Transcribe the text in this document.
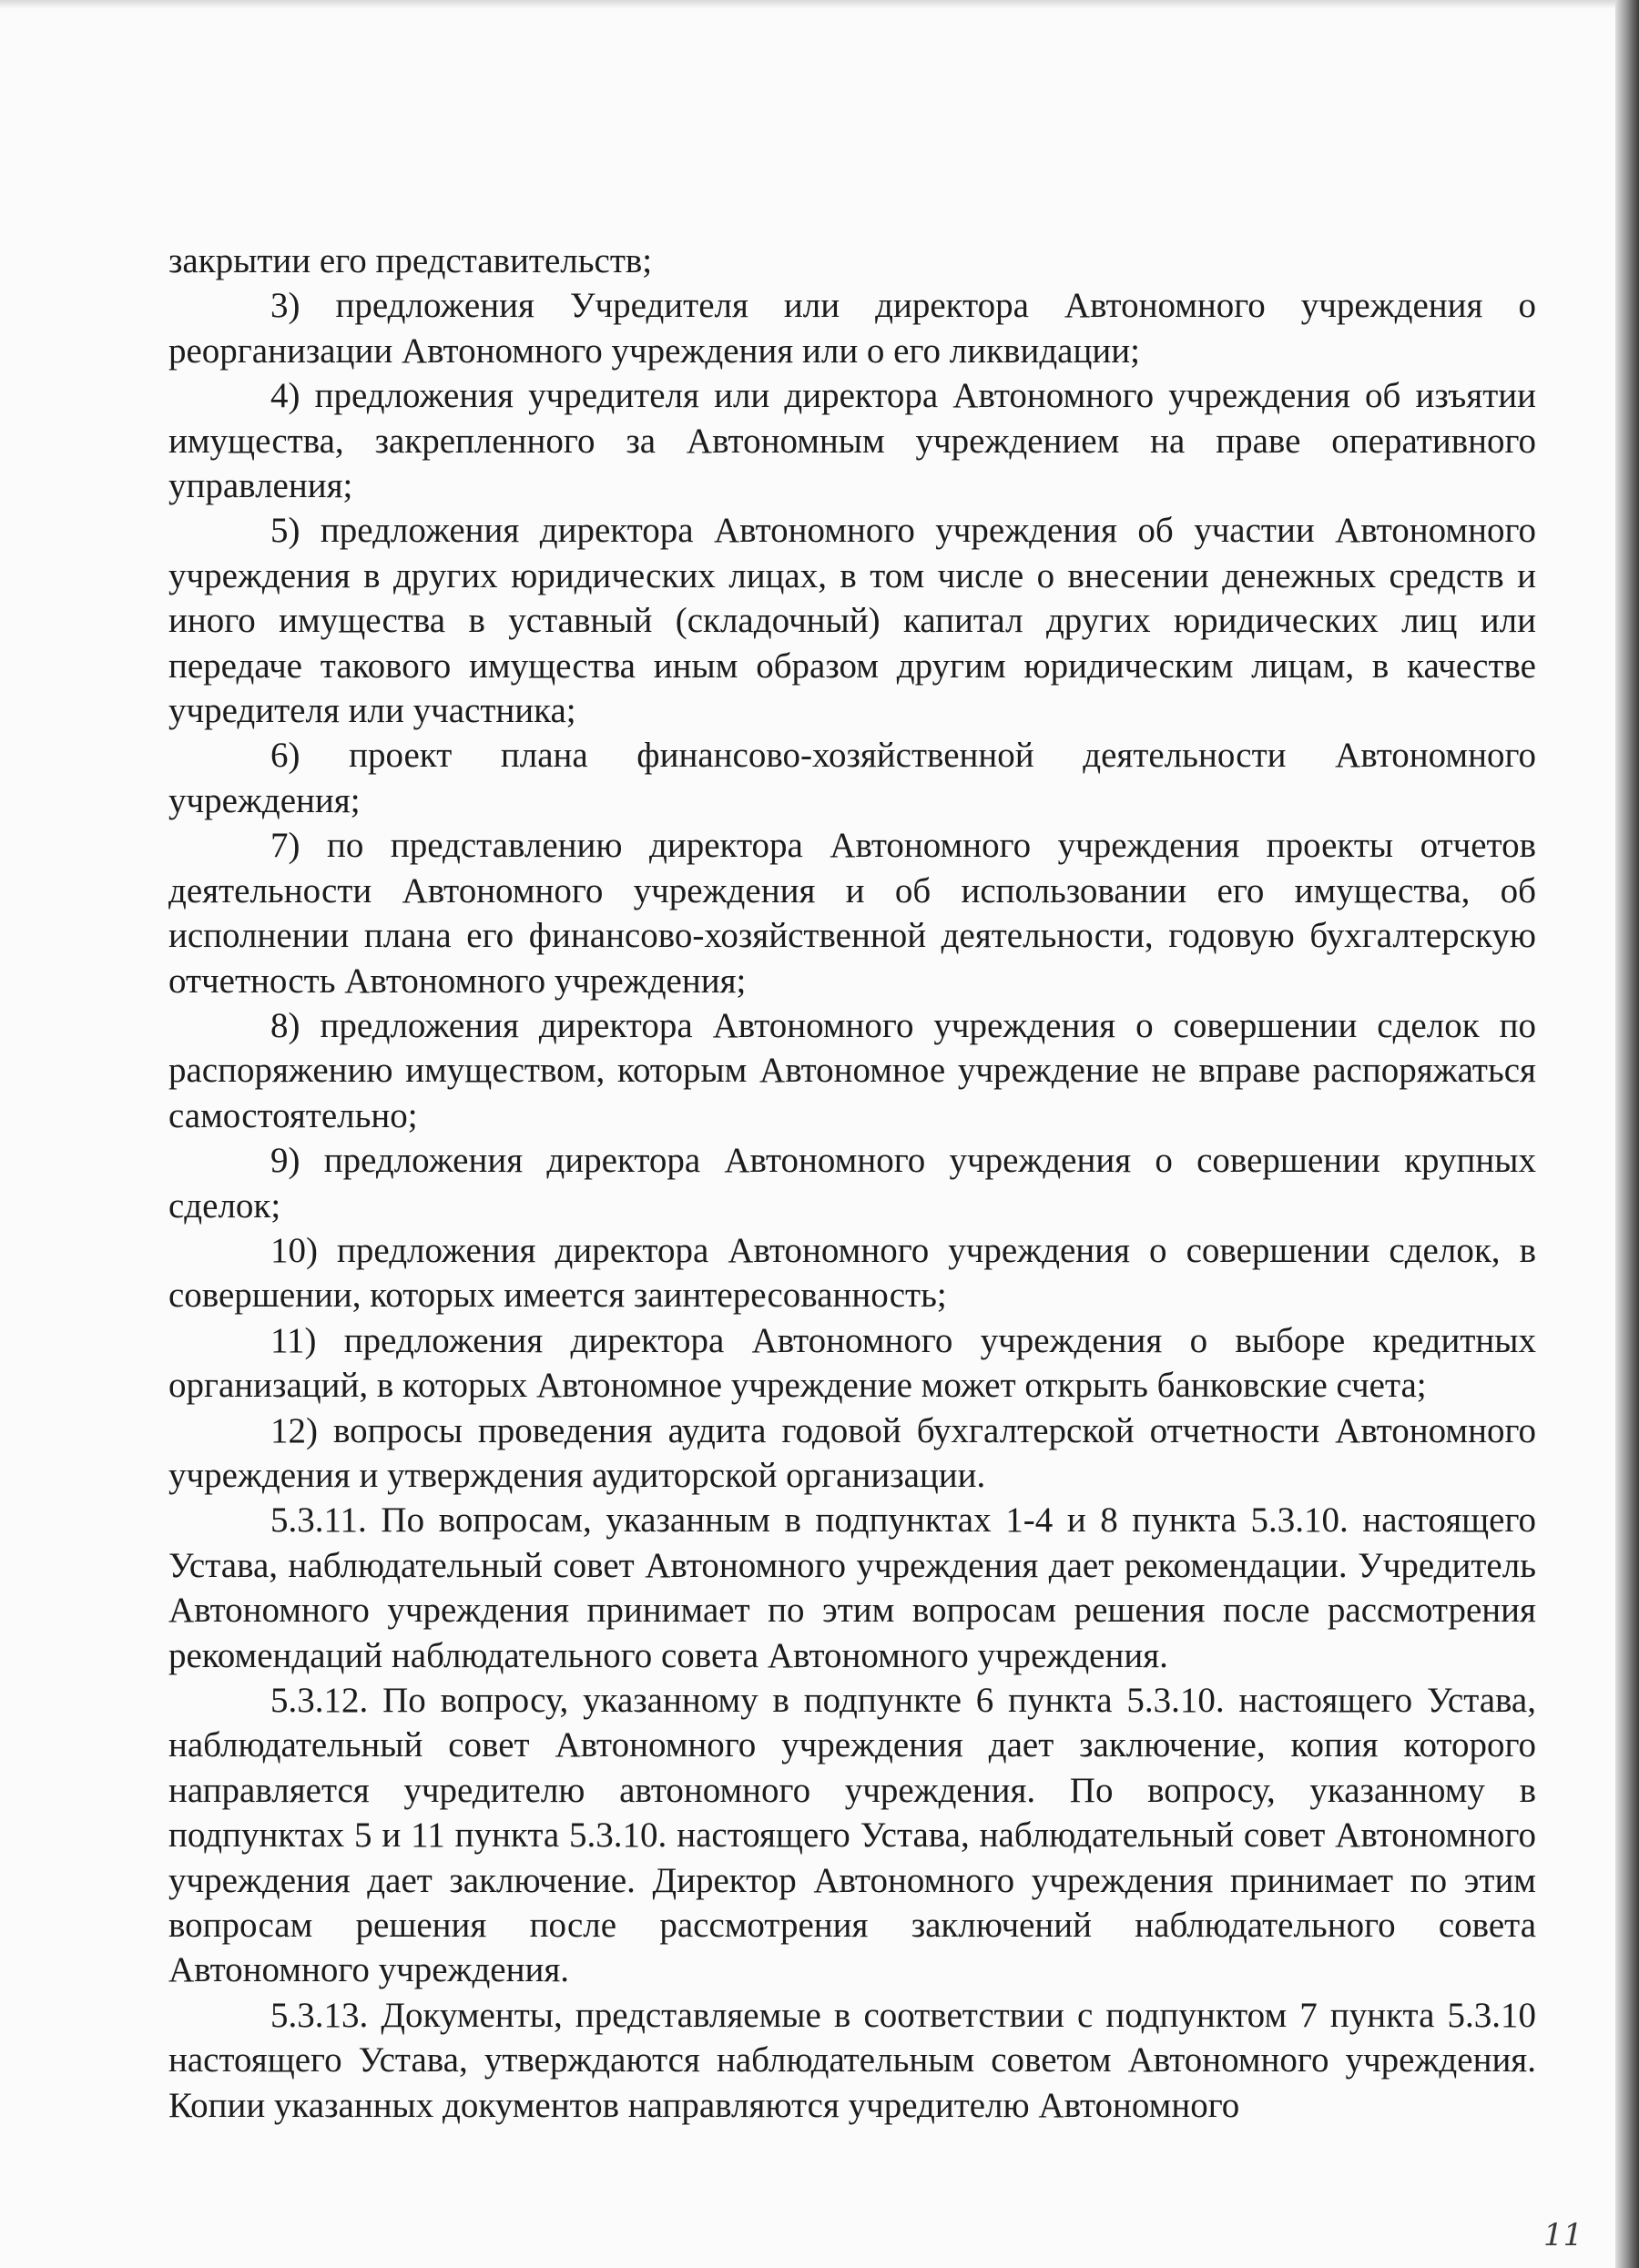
закрытии его представительств;

3) предложения Учредителя или директора Автономного учреждения о реорганизации Автономного учреждения или о его ликвидации;

4) предложения учредителя или директора Автономного учреждения об изъятии имущества, закрепленного за Автономным учреждением на праве оперативного управления;

5) предложения директора Автономного учреждения об участии Автономного учреждения в других юридических лицах, в том числе о внесении денежных средств и иного имущества в уставный (складочный) капитал других юридических лиц или передаче такового имущества иным образом другим юридическим лицам, в качестве учредителя или участника;

6) проект плана финансово-хозяйственной деятельности Автономного учреждения;

7) по представлению директора Автономного учреждения проекты отчетов деятельности Автономного учреждения и об использовании его имущества, об исполнении плана его финансово-хозяйственной деятельности, годовую бухгалтерскую отчетность Автономного учреждения;

8) предложения директора Автономного учреждения о совершении сделок по распоряжению имуществом, которым Автономное учреждение не вправе распоряжаться самостоятельно;

9) предложения директора Автономного учреждения о совершении крупных сделок;

10) предложения директора Автономного учреждения о совершении сделок, в совершении, которых имеется заинтересованность;

11) предложения директора Автономного учреждения о выборе кредитных организаций, в которых Автономное учреждение может открыть банковские счета;

12) вопросы проведения аудита годовой бухгалтерской отчетности Автономного учреждения и утверждения аудиторской организации.

5.3.11. По вопросам, указанным в подпунктах 1-4 и 8 пункта 5.3.10. настоящего Устава, наблюдательный совет Автономного учреждения дает рекомендации. Учредитель Автономного учреждения принимает по этим вопросам решения после рассмотрения рекомендаций наблюдательного совета Автономного учреждения.

5.3.12. По вопросу, указанному в подпункте 6 пункта 5.3.10. настоящего Устава, наблюдательный совет Автономного учреждения дает заключение, копия которого направляется учредителю автономного учреждения. По вопросу, указанному в подпунктах 5 и 11 пункта 5.3.10. настоящего Устава, наблюдательный совет Автономного учреждения дает заключение. Директор Автономного учреждения принимает по этим вопросам решения после рассмотрения заключений наблюдательного совета Автономного учреждения.

5.3.13. Документы, представляемые в соответствии с подпунктом 7 пункта 5.3.10 настоящего Устава, утверждаются наблюдательным советом Автономного учреждения. Копии указанных документов направляются учредителю Автономного

11
